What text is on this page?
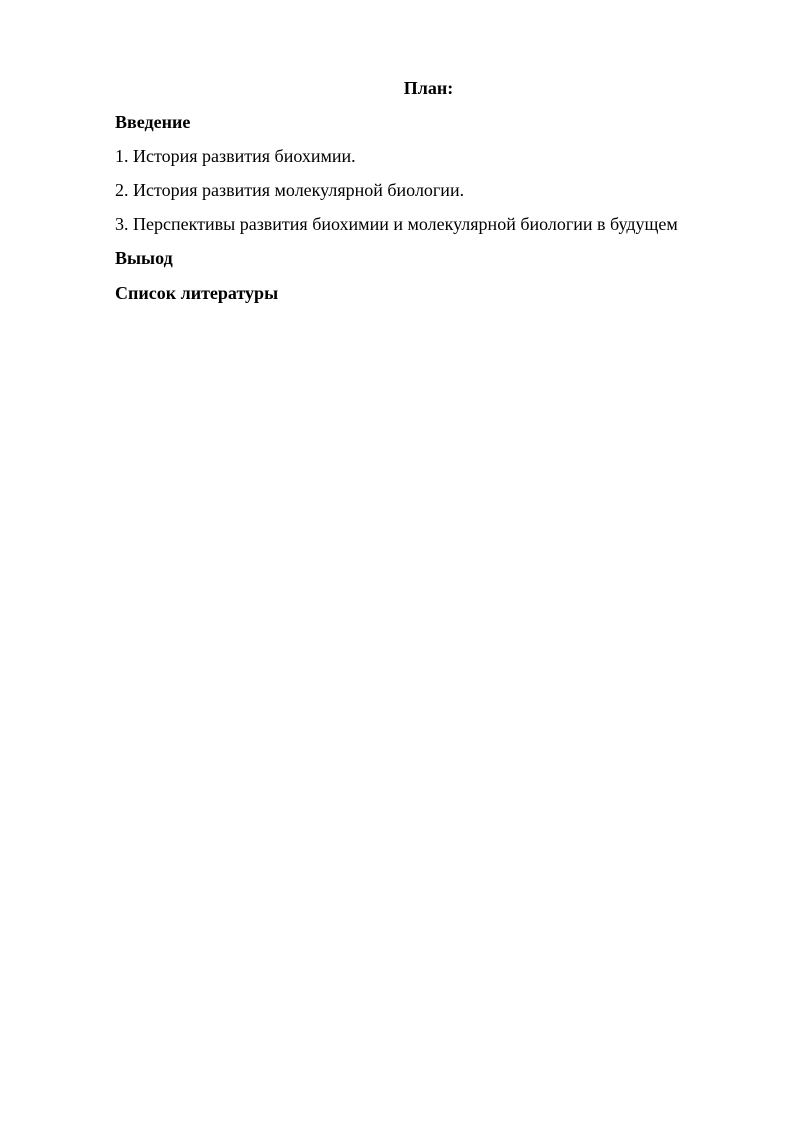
План:

Введение

1. История развития биохимии.

2. История развития молекулярной биологии.

3. Перспективы развития биохимии и молекулярной биологии в будущем

Выыод

Список литературы
